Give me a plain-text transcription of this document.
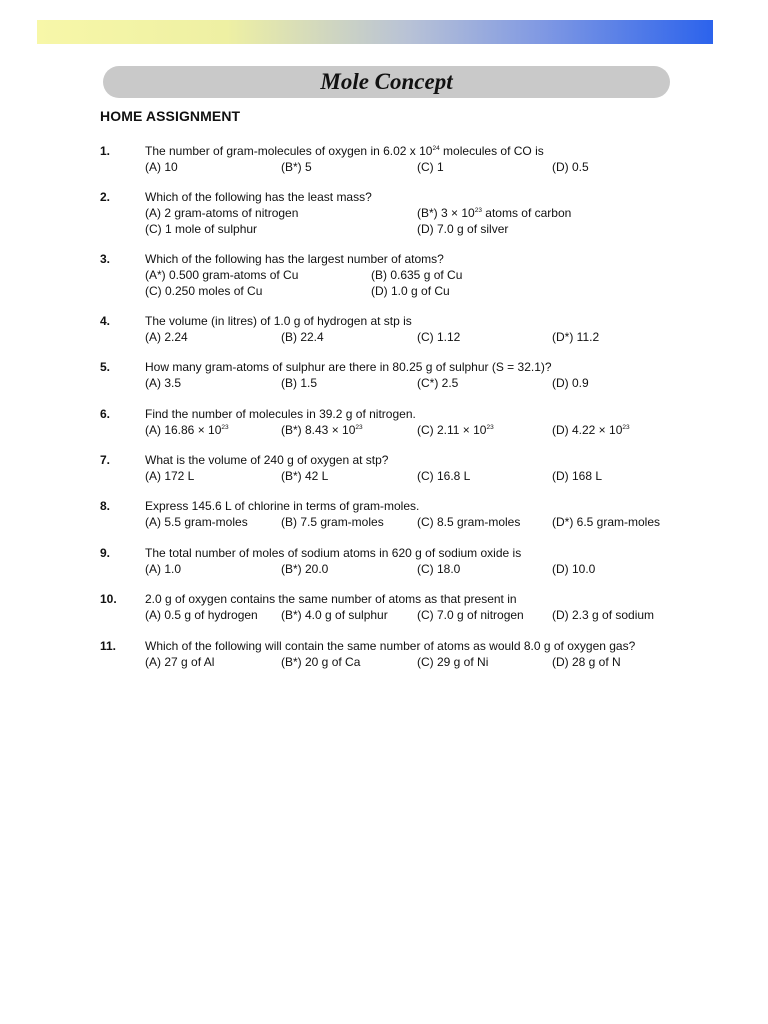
Mole Concept
HOME ASSIGNMENT
1.	The number of gram-molecules of oxygen in 6.02 x $10^{24}$ molecules of CO is
(A) 10	(B*) 5	(C) 1	(D) 0.5
2.	Which of the following has the least mass?
(A) 2 gram-atoms of nitrogen	(B*) $3 \times 10^{23}$ atoms of carbon
(C) 1 mole of sulphur	(D) 7.0 g of silver
3.	Which of the following has the largest number of atoms?
(A*) 0.500 gram-atoms of Cu	(B) 0.635 g of Cu
(C) 0.250 moles of Cu	(D) 1.0 g of Cu
4.	The volume (in litres) of 1.0 g of hydrogen at stp is
(A) 2.24	(B) 22.4	(C) 1.12	(D*) 11.2
5.	How many gram-atoms of sulphur are there in 80.25 g of sulphur (S = 32.1)?
(A) 3.5	(B) 1.5	(C*) 2.5	(D) 0.9
6.	Find the number of molecules in 39.2 g of nitrogen.
(A) $16.86 \times 10^{23}$	(B*) $8.43 \times 10^{23}$	(C) $2.11 \times 10^{23}$	(D) $4.22 \times 10^{23}$
7.	What is the volume of 240 g of oxygen at stp?
(A) 172 L	(B*) 42 L	(C) 16.8 L	(D) 168 L
8.	Express 145.6 L of chlorine in terms of gram-moles.
(A) 5.5 gram-moles	(B) 7.5 gram-moles	(C) 8.5 gram-moles	(D*) 6.5 gram-moles
9.	The total number of moles of sodium atoms in 620 g of sodium oxide is
(A) 1.0	(B*) 20.0	(C) 18.0	(D) 10.0
10. 2.0 g of oxygen contains the same number of atoms as that present in
(A) 0.5 g of hydrogen (B*) 4.0 g of sulphur (C) 7.0 g of nitrogen (D) 2.3 g of sodium
11. Which of the following will contain the same number of atoms as would 8.0 g of oxygen gas?
(A) 27 g of Al	(B*) 20 g of Ca	(C) 29 g of Ni	(D) 28 g of N
